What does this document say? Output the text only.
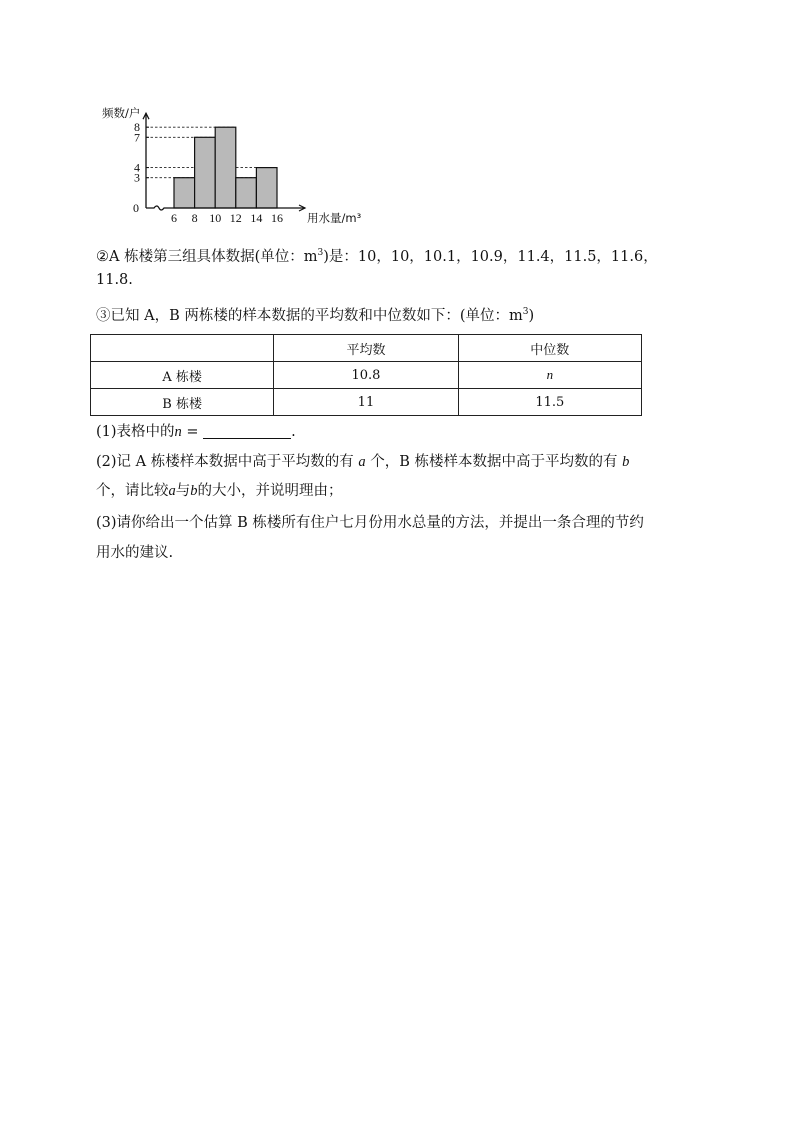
3
4
7
8
0
6 8 10 12 14 16
频数/户
用水量/m³
②A 栋楼第三组具体数据(单位：$m^3$)是：10，10，10.1，10.9，11.4，11.5，11.6，
11.8.
③已知 A，B 两栋楼的样本数据的平均数和中位数如下：(单位：$m^3$)
	平均数	中位数
A 栋楼	10.8	n
B 栋楼	11	11.5
(1)表格中的n =	.
(2)记 A 栋楼样本数据中高于平均数的有 a 个，B 栋楼样本数据中高于平均数的有 b
个，请比较a与b的大小，并说明理由；
(3)请你给出一个估算 B 栋楼所有住户七月份用水总量的方法，并提出一条合理的节约
用水的建议.
